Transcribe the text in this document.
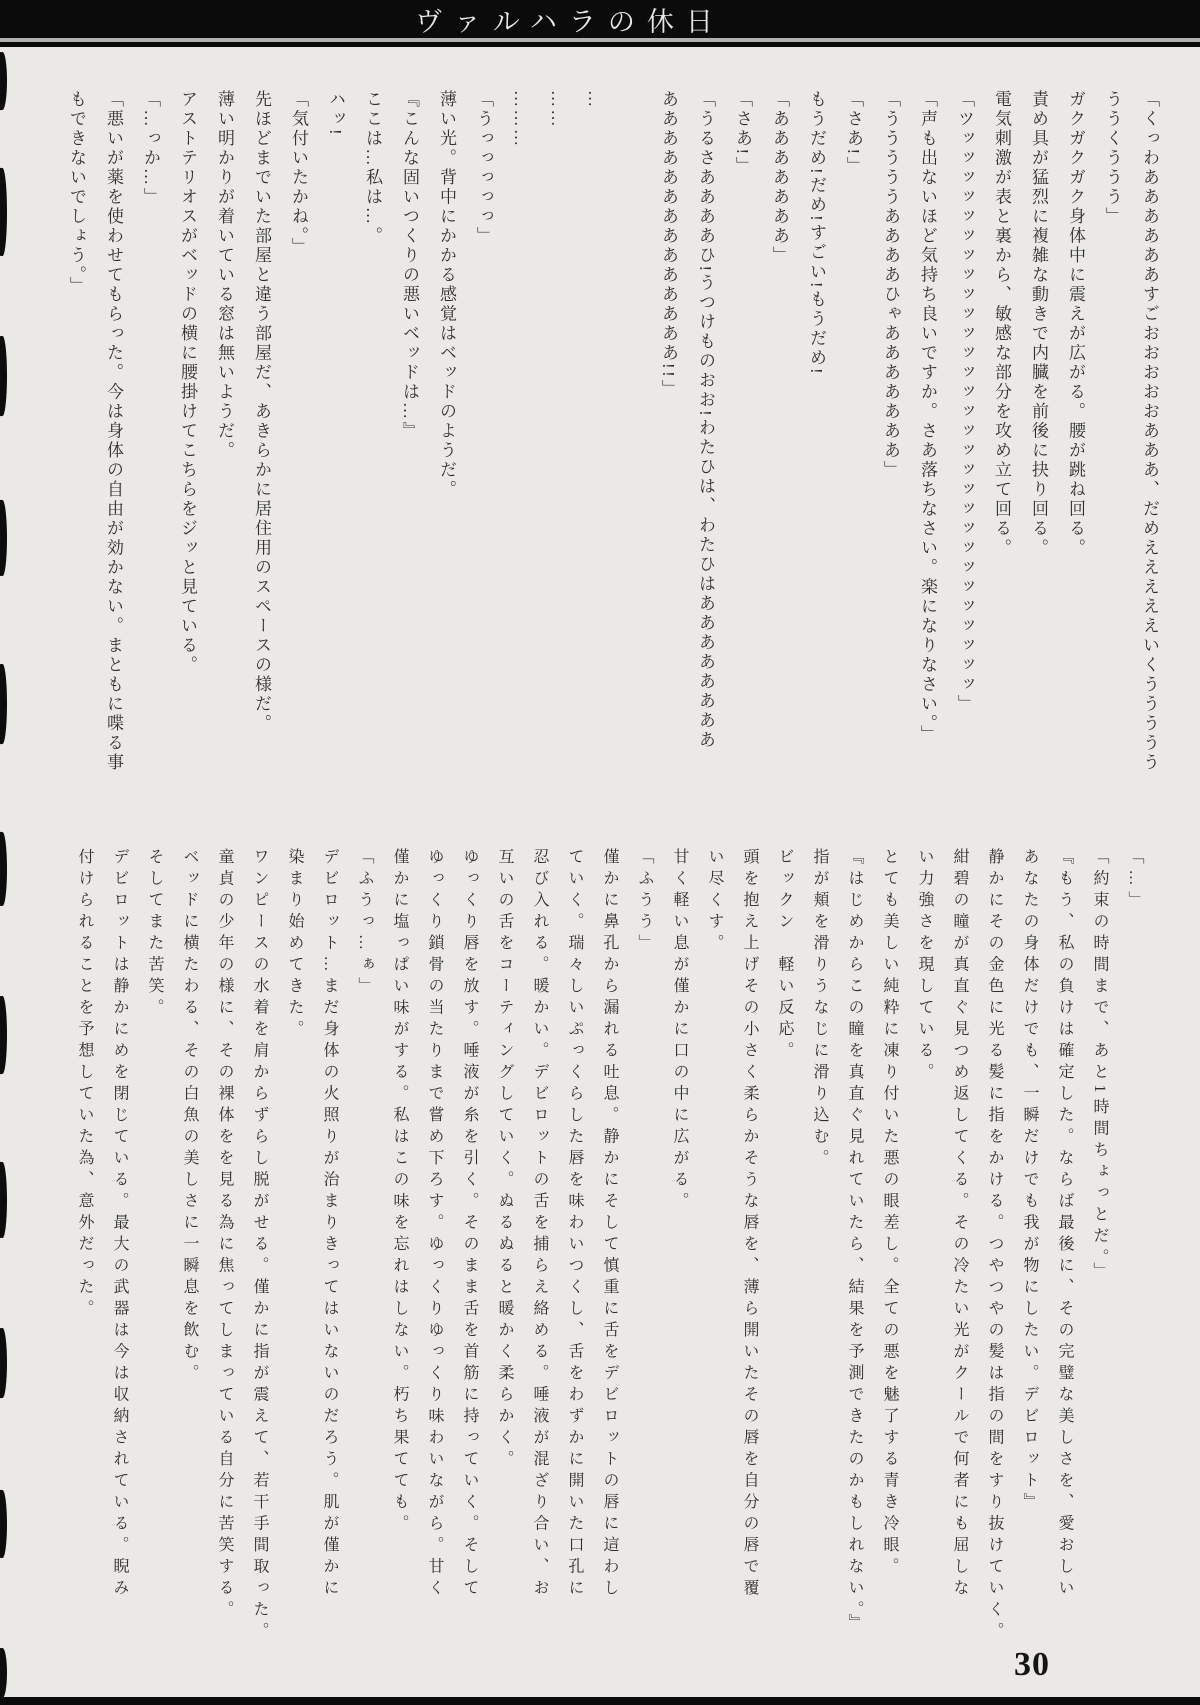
ヴァルハラの休日

「くっわああああああすごおおおおおあああ、だめえええええいくううううう

ううくううう」

ガクガクガク身体中に震えが広がる。腰が跳ね回る。

責め具が猛烈に複雑な動きで内臓を前後に抉り回る。

電気刺激が表と裏から、敏感な部分を攻め立て回る。

「ツッッッッッッッッッッッッッッッッッッッッッッッッッッッッッ」

「声も出ないほど気持ち良いですか。さあ落ちなさい。楽になりなさい。」

「うううううああああひゃあああああああ」

「さあ!」

もうだめ!だめ!すごい!もうだめ!

「あああああああ」

「さあ!」

「うるさああああひ!うつけものおお!わたひは、わたひはああああああああ

ああああああああああああああ!!」

…

……

………

「うっっっっっ」

薄い光。背中にかかる感覚はベッドのようだ。

『こんな固いつくりの悪いベッドは…』

ここは…私は…。

ハッ!

「気付いたかね。」

先ほどまでいた部屋と違う部屋だ、あきらかに居住用のスペースの様だ。

薄い明かりが着いている窓は無いようだ。

アストテリオスがベッドの横に腰掛けてこちらをジッと見ている。

「…っか…」

「悪いが薬を使わせてもらった。今は身体の自由が効かない。まともに喋る事

もできないでしょう。」

「…」

「約束の時間まで、あと1時間ちょっとだ。」

『もう、私の負けは確定した。ならば最後に、その完璧な美しさを、愛おしい

あなたの身体だけでも、一瞬だけでも我が物にしたい。デビロット』

静かにその金色に光る髪に指をかける。つやつやの髪は指の間をすり抜けていく。

紺碧の瞳が真直ぐ見つめ返してくる。その冷たい光がクールで何者にも屈しな

い力強さを現している。

とても美しい純粋に凍り付いた悪の眼差し。全ての悪を魅了する青き冷眼。

『はじめからこの瞳を真直ぐ見れていたら、結果を予測できたのかもしれない。』

指が頬を滑りうなじに滑り込む。

ビックン　軽い反応。

頭を抱え上げその小さく柔らかそうな唇を、薄ら開いたその唇を自分の唇で覆

い尽くす。

甘く軽い息が僅かに口の中に広がる。

「ふうう」

僅かに鼻孔から漏れる吐息。静かにそして慎重に舌をデビロットの唇に這わし

ていく。瑞々しいぷっくらした唇を味わいつくし、舌をわずかに開いた口孔に

忍び入れる。暖かい。デビロットの舌を捕らえ絡める。唾液が混ざり合い、お

互いの舌をコーティングしていく。ぬるぬると暖かく柔らかく。

ゆっくり唇を放す。唾液が糸を引く。そのまま舌を首筋に持っていく。そして

ゆっくり鎖骨の当たりまで嘗め下ろす。ゆっくりゆっくり味わいながら。甘く

僅かに塩っぱい味がする。私はこの味を忘れはしない。朽ち果てても。

「ふうっ…ぁ」

デビロット…まだ身体の火照りが治まりきってはいないのだろう。肌が僅かに

染まり始めてきた。

ワンピースの水着を肩からずらし脱がせる。僅かに指が震えて、若干手間取った。

童貞の少年の様に、その裸体をを見る為に焦ってしまっている自分に苦笑する。

ベッドに横たわる、その白魚の美しさに一瞬息を飲む。

そしてまた苦笑。

デビロットは静かにめを閉じている。最大の武器は今は収納されている。睨み

付けられることを予想していた為、意外だった。

30
